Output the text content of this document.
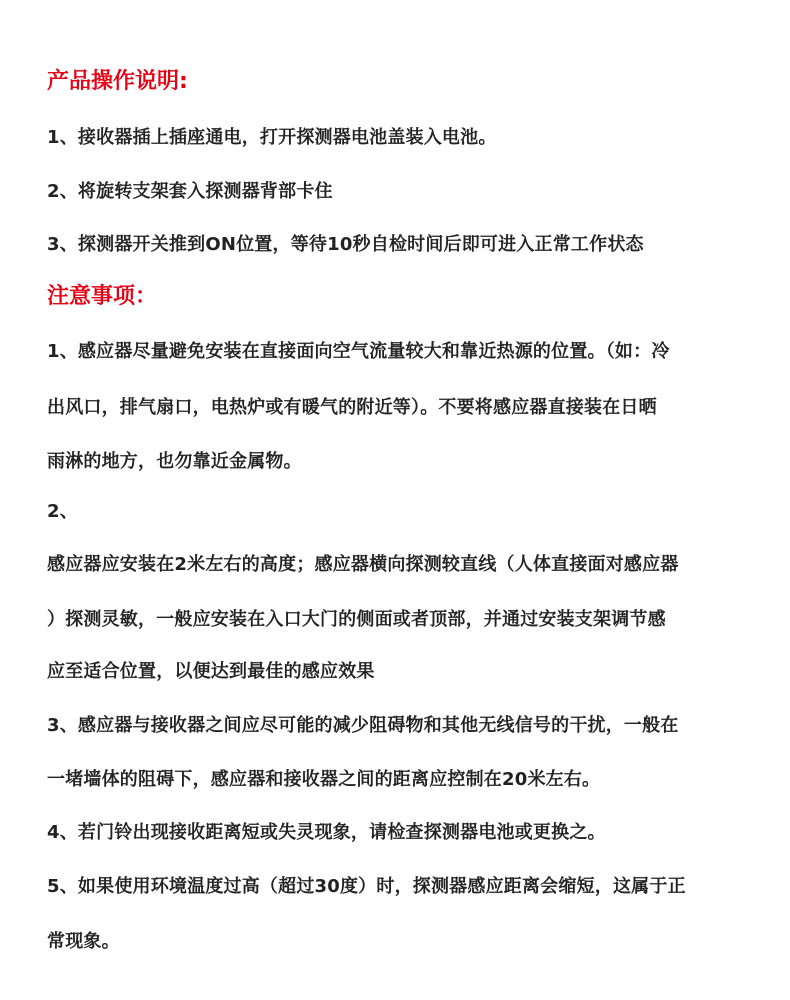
产品操作说明:
1、接收器插上插座通电，打开探测器电池盖装入电池。
2、将旋转支架套入探测器背部卡住
3、探测器开关推到ON位置，等待10秒自检时间后即可进入正常工作状态
注意事项：
1、感应器尽量避免安装在直接面向空气流量较大和靠近热源的位置。（如：冷
出风口，排气扇口，电热炉或有暖气的附近等）。不要将感应器直接装在日晒
雨淋的地方，也勿靠近金属物。
2、
感应器应安装在2米左右的高度；感应器横向探测较直线（人体直接面对感应器
）探测灵敏，一般应安装在入口大门的侧面或者顶部，并通过安装支架调节感
应至适合位置，以便达到最佳的感应效果
3、感应器与接收器之间应尽可能的减少阻碍物和其他无线信号的干扰，一般在
一堵墙体的阻碍下，感应器和接收器之间的距离应控制在20米左右。
4、若门铃出现接收距离短或失灵现象，请检查探测器电池或更换之。
5、如果使用环境温度过高（超过30度）时，探测器感应距离会缩短，这属于正
常现象。
